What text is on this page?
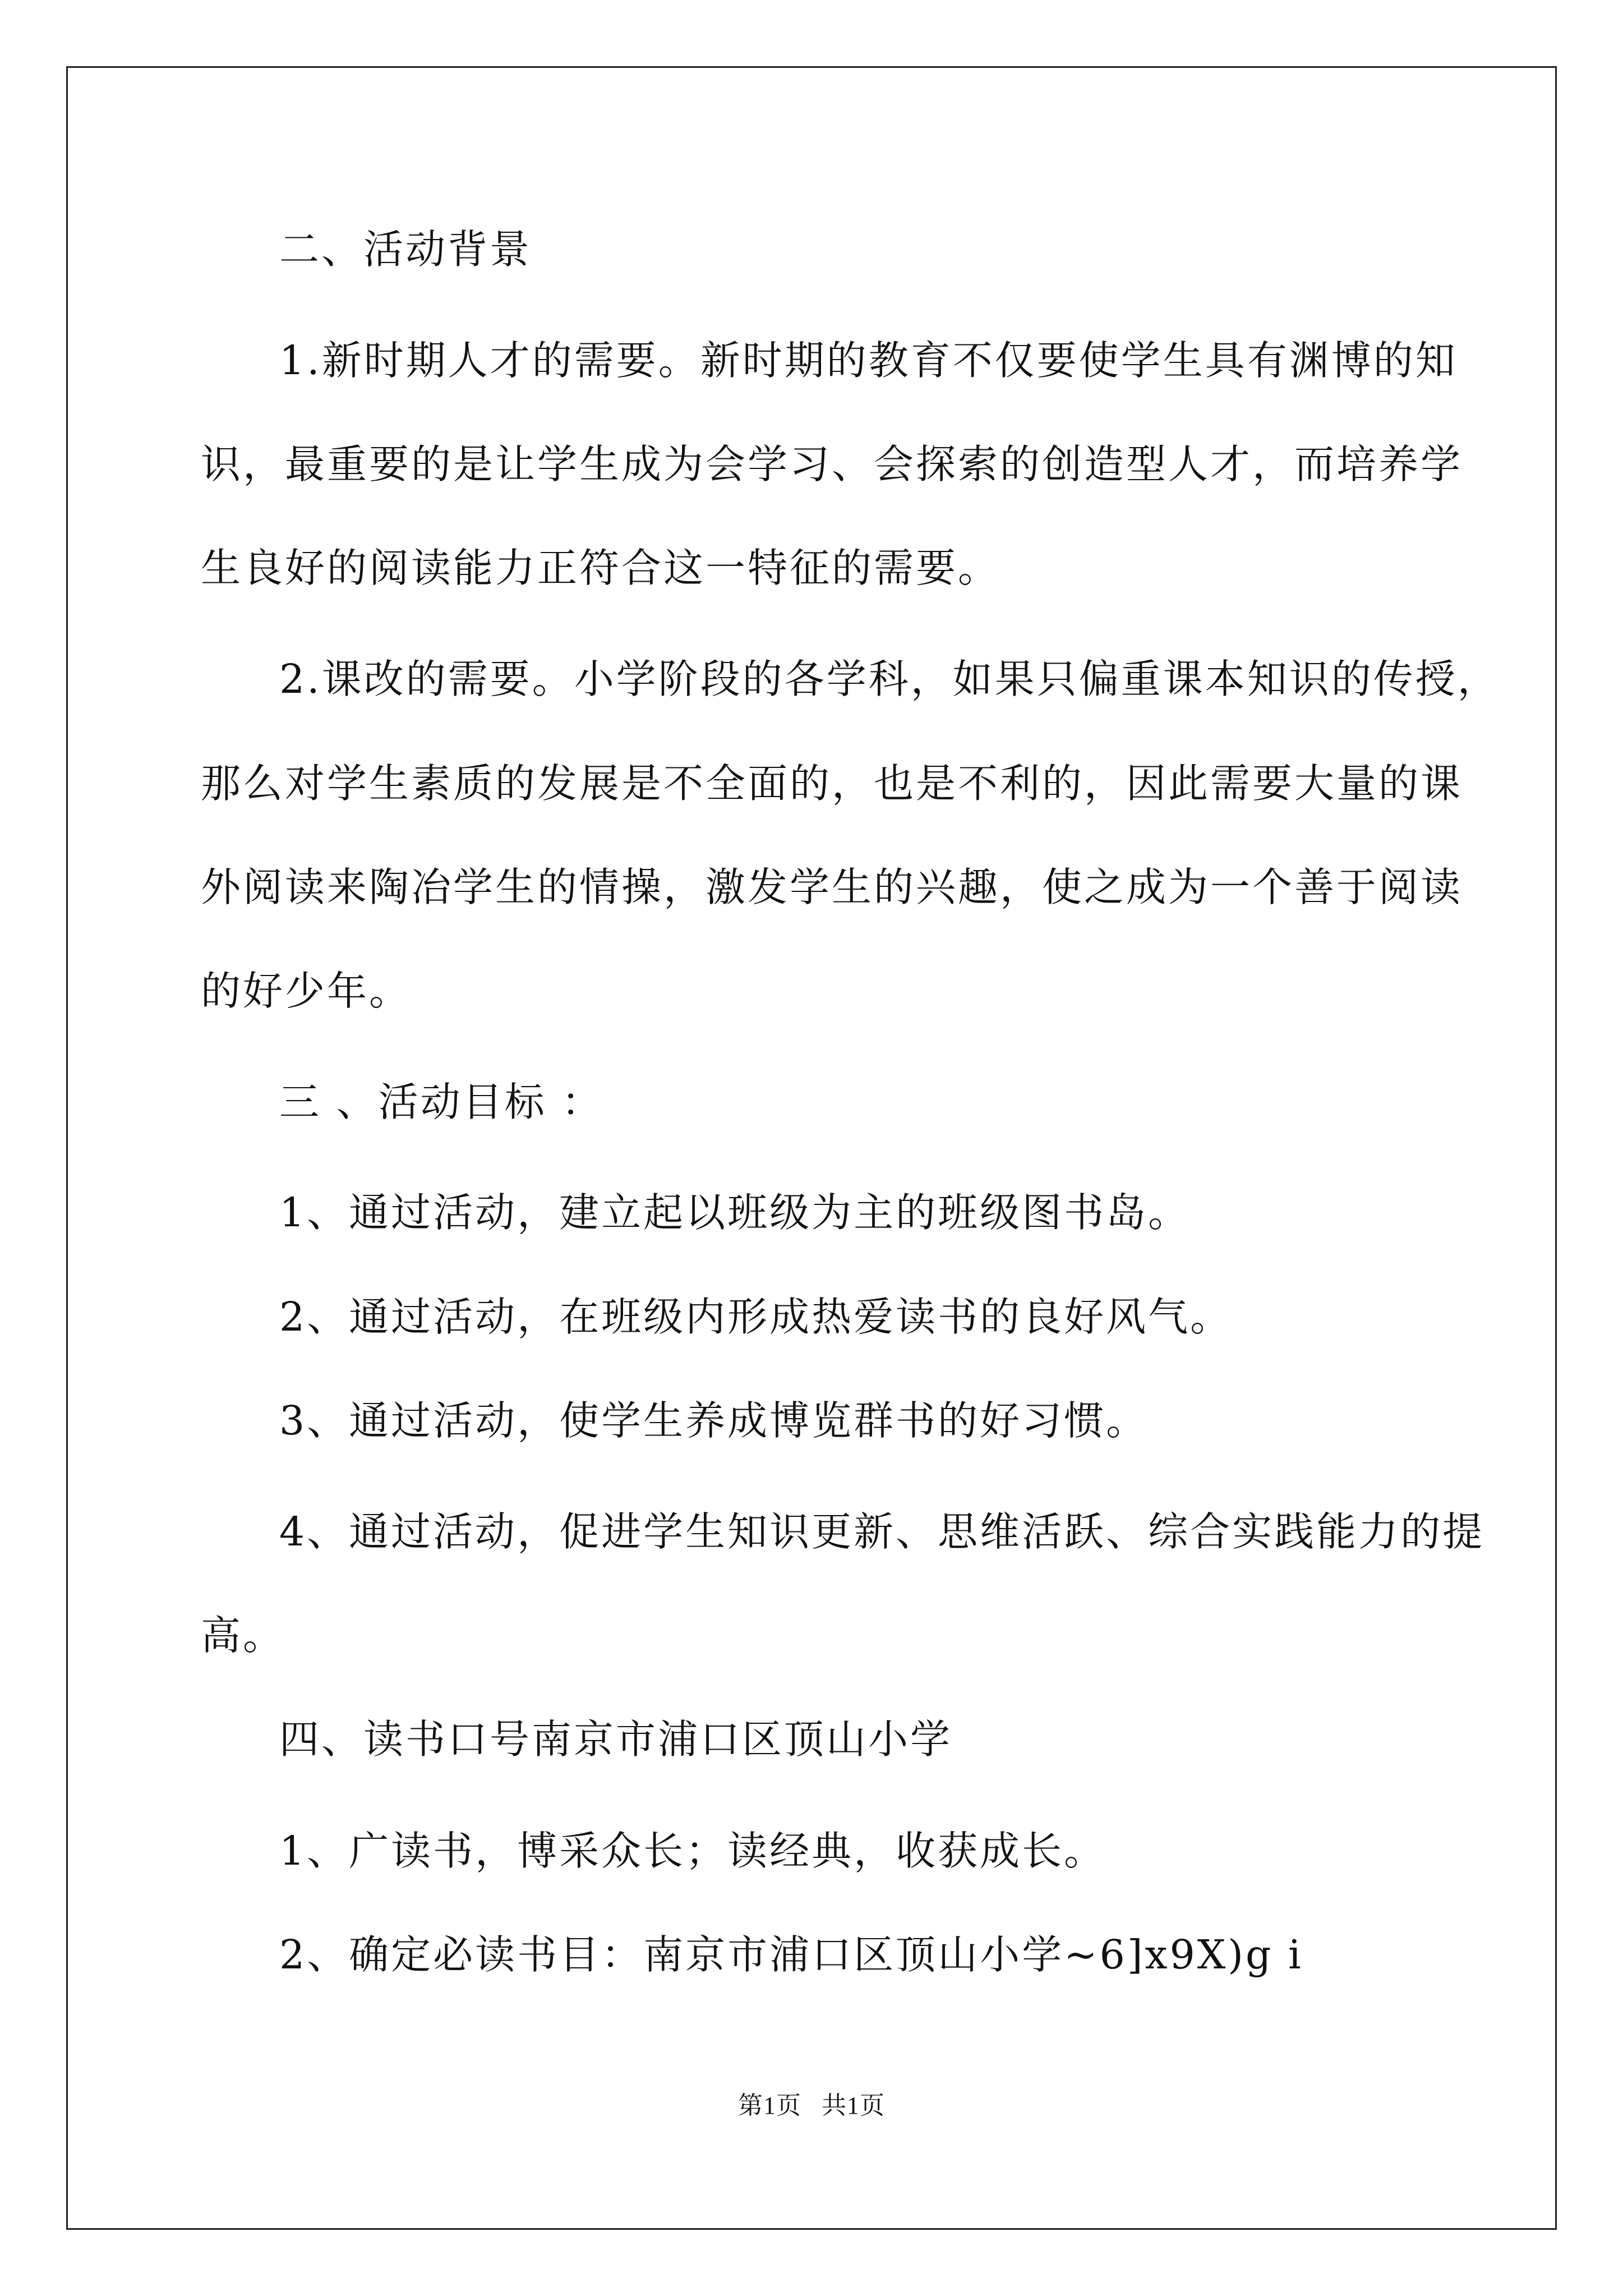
二、活动背景
1.新时期人才的需要。新时期的教育不仅要使学生具有渊博的知
识，最重要的是让学生成为会学习、会探索的创造型人才，而培养学
生良好的阅读能力正符合这一特征的需要。
2.课改的需要。小学阶段的各学科，如果只偏重课本知识的传授，
那么对学生素质的发展是不全面的，也是不利的，因此需要大量的课
外阅读来陶冶学生的情操，激发学生的兴趣，使之成为一个善于阅读
的好少年。
三 、活动目标 ：
1、通过活动，建立起以班级为主的班级图书岛。
2、通过活动，在班级内形成热爱读书的良好风气。
3、通过活动，使学生养成博览群书的好习惯。
4、通过活动，促进学生知识更新、思维活跃、综合实践能力的提
高。
四、读书口号南京市浦口区顶山小学
1、广读书，博采众长；读经典，收获成长。
2、确定必读书目：南京市浦口区顶山小学~6]x9X)g i
第1页 共1页
